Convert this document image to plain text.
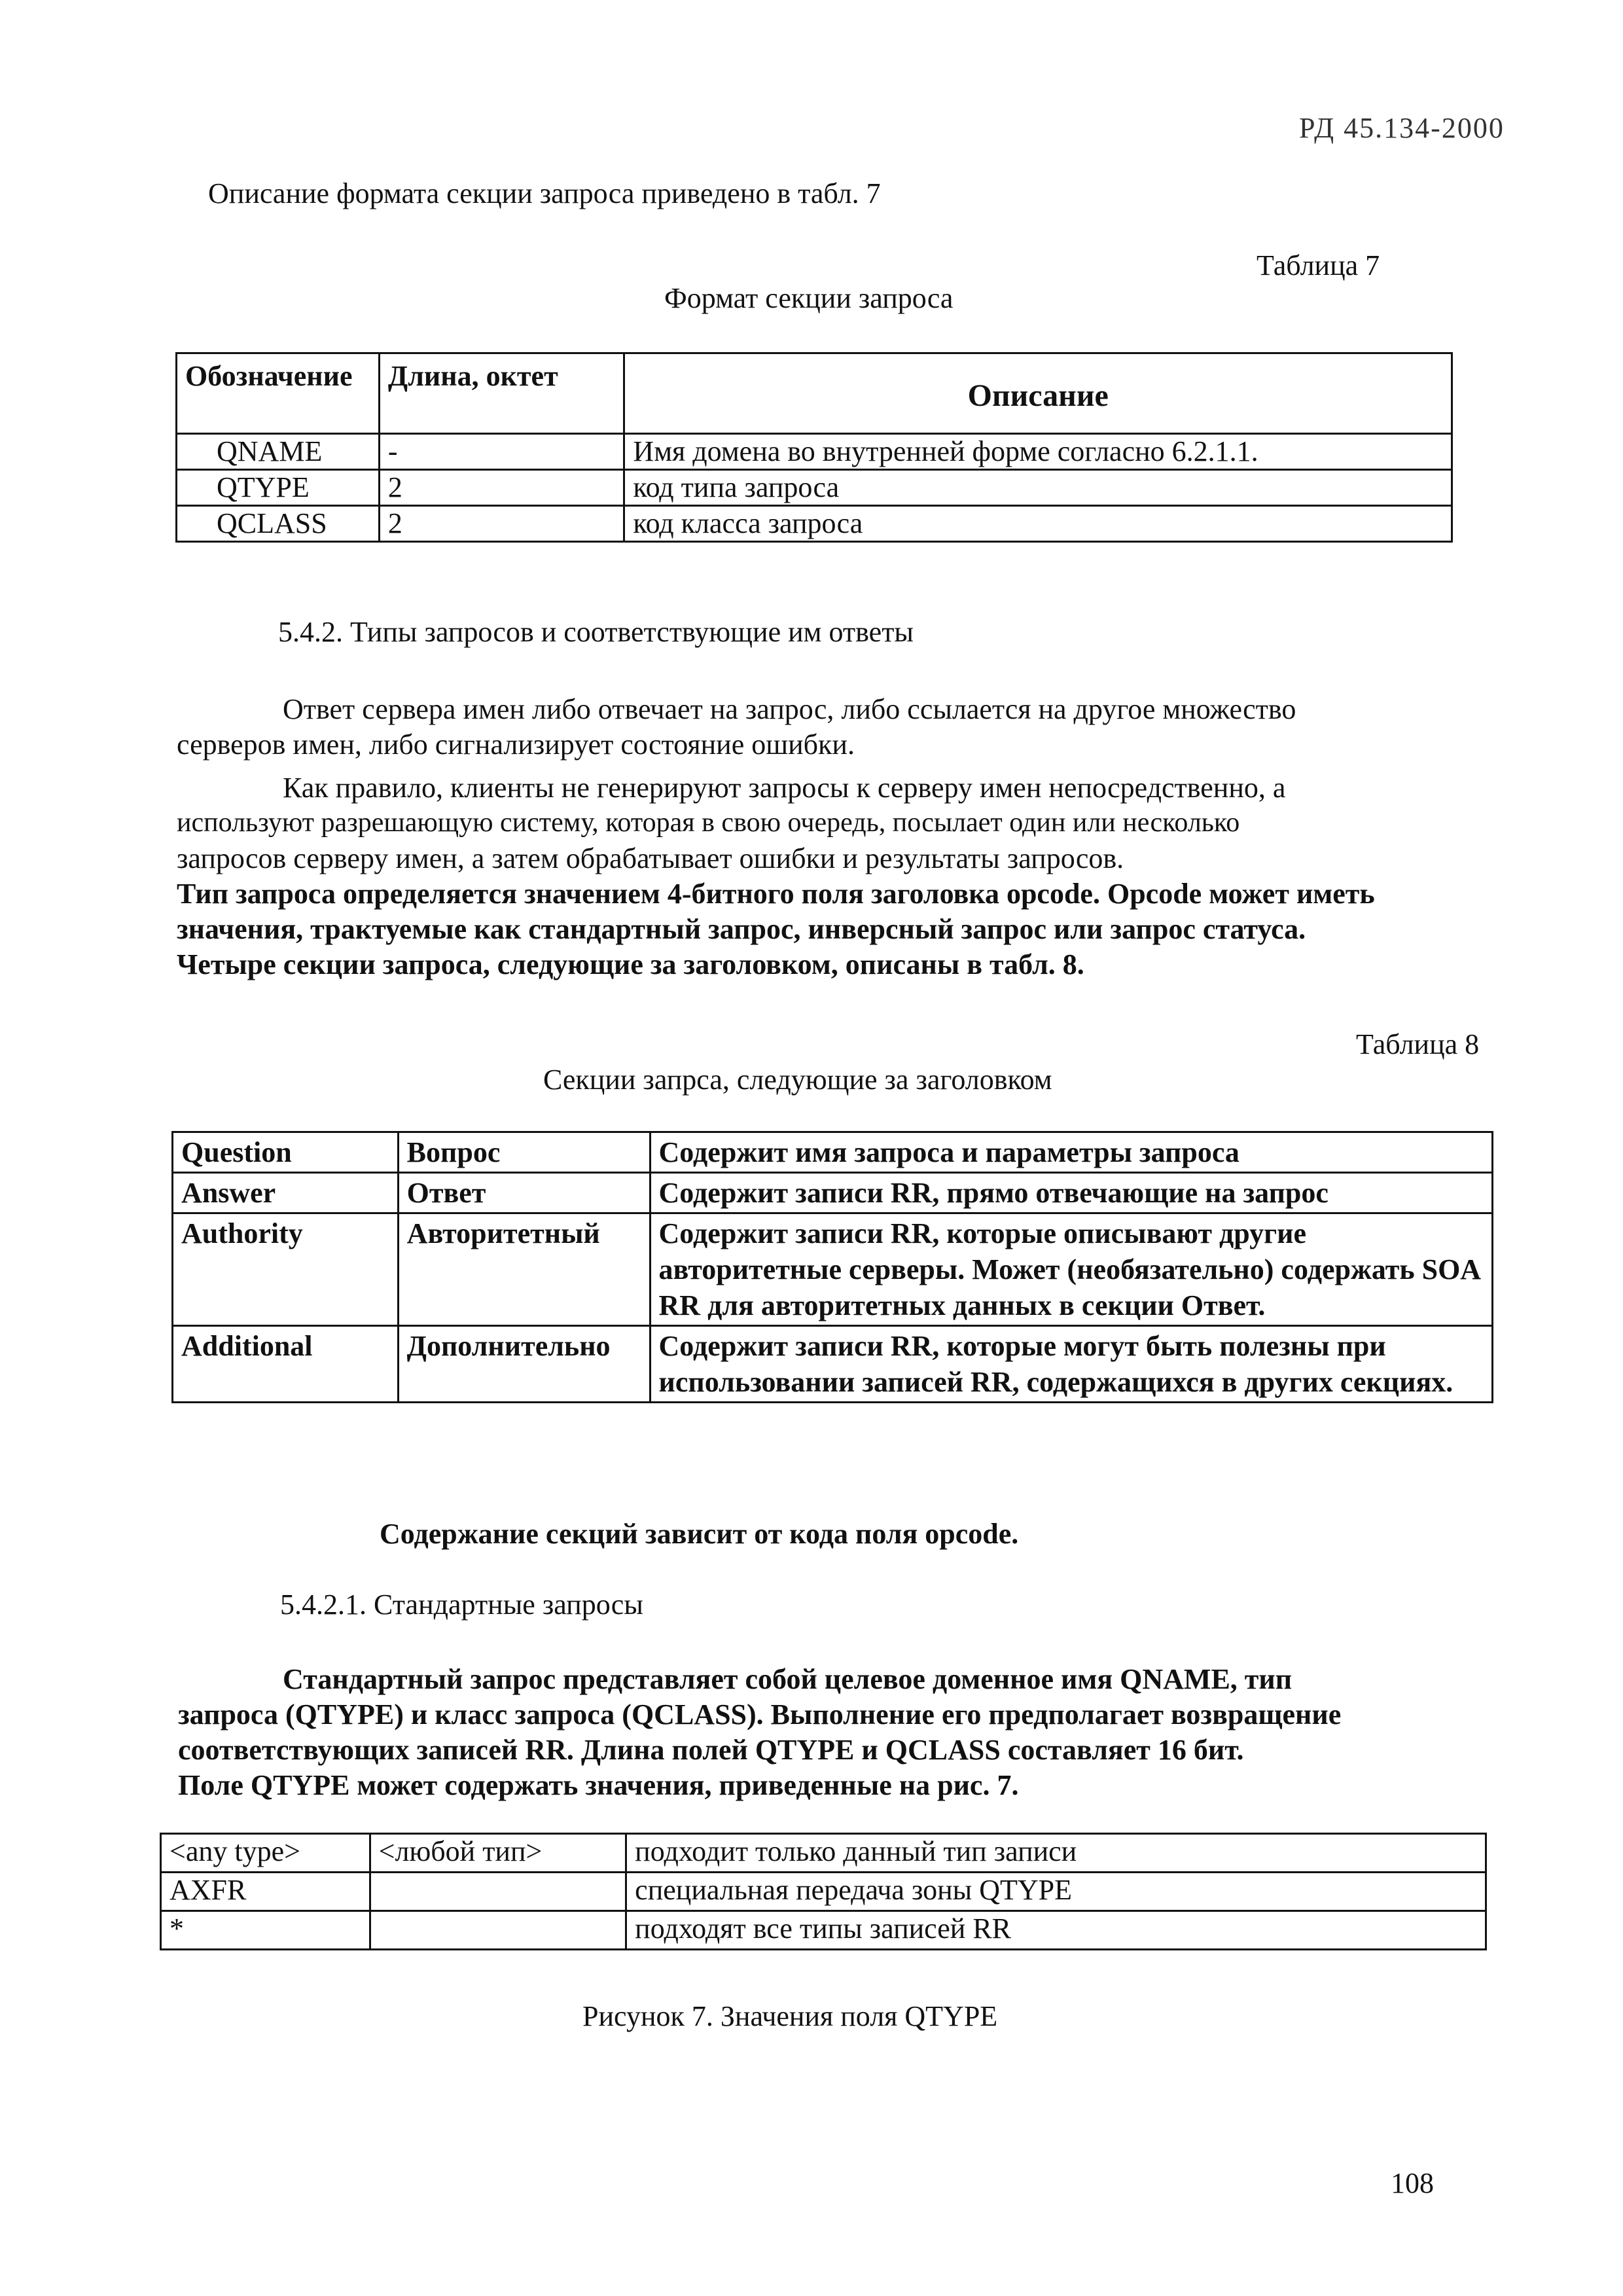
РД 45.134-2000
Описание формата секции запроса приведено в табл. 7
Таблица 7
Формат секции запроса
Обозначение	Длина, октет	Описание
QNAME	-	Имя домена во внутренней форме согласно 6.2.1.1.
QTYPE	2	код типа запроса
QCLASS	2	код класса запроса
5.4.2. Типы запросов и соответствующие им ответы
Ответ сервера имен либо отвечает на запрос, либо ссылается на другое множество
серверов имен, либо сигнализирует состояние ошибки.
Как правило, клиенты не генерируют запросы к серверу имен непосредственно, а
используют разрешающую систему, которая в свою очередь, посылает один или несколько
запросов серверу имен, а затем обрабатывает ошибки и результаты запросов.
Тип запроса определяется значением 4-битного поля заголовка opcode. Opcode может иметь
значения, трактуемые как стандартный запрос, инверсный запрос или запрос статуса.
Четыре секции запроса, следующие за заголовком, описаны в табл. 8.
Таблица 8
Секции запрса, следующие за заголовком
Question	Вопрос	Содержит имя запроса и параметры запроса
Answer	Ответ	Содержит записи RR, прямо отвечающие на запрос
Authority	Авторитетный	Содержит записи RR, которые описывают другие авторитетные серверы. Может (необязательно) содержать SOA RR для авторитетных данных в секции Ответ.
Additional	Дополнительно	Содержит записи RR, которые могут быть полезны при использовании записей RR, содержащихся в других секциях.
Содержание секций зависит от кода поля opcode.
5.4.2.1. Стандартные запросы
Стандартный запрос представляет собой целевое доменное имя QNAME, тип
запроса (QTYPE) и класс запроса (QCLASS). Выполнение его предполагает возвращение
соответствующих записей RR. Длина полей QTYPE и QCLASS составляет 16 бит.
Поле QTYPE может содержать значения, приведенные на рис. 7.
<any type>	<любой тип>	подходит только данный тип записи
AXFR		специальная передача зоны QTYPE
*		подходят все типы записей RR
Рисунок 7. Значения поля QTYPE
108
